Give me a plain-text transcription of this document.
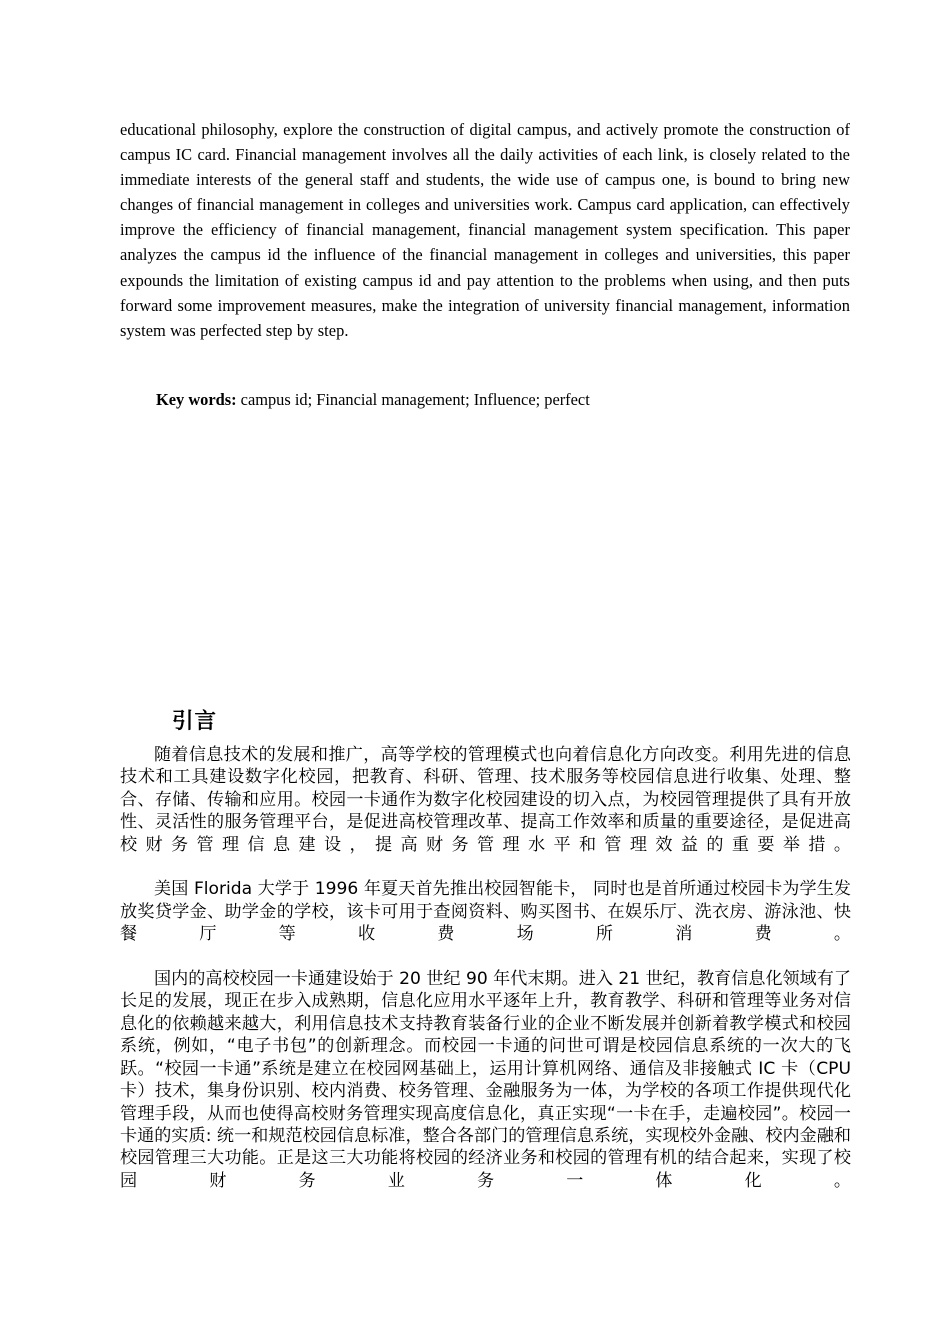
educational philosophy, explore the construction of digital campus, and actively promote the construction of campus IC card. Financial management involves all the daily activities of each link, is closely related to the immediate interests of the general staff and students, the wide use of campus one, is bound to bring new changes of financial management in colleges and universities work. Campus card application, can effectively improve the efficiency of financial management, financial management system specification. This paper analyzes the campus id the influence of the financial management in colleges and universities, this paper expounds the limitation of existing campus id and pay attention to the problems when using, and then puts forward some improvement measures, make the integration of university financial management, information system was perfected step by step.

Key words: campus id; Financial management; Influence; perfect
引言

随着信息技术的发展和推广，高等学校的管理模式也向着信息化方向改变。利用先进的信息技术和工具建设数字化校园，把教育、科研、管理、技术服务等校园信息进行收集、处理、整合、存储、传输和应用。校园一卡通作为数字化校园建设的切入点，为校园管理提供了具有开放性、灵活性的服务管理平台，是促进高校管理改革、提高工作效率和质量的重要途径，是促进高校财务管理信息建设，提高财务管理水平和管理效益的重要举措。

美国 Florida 大学于 1996 年夏天首先推出校园智能卡， 同时也是首所通过校园卡为学生发放奖贷学金、助学金的学校，该卡可用于查阅资料、购买图书、在娱乐厅、洗衣房、游泳池、快餐厅等收费场所消费。

国内的高校校园一卡通建设始于 20 世纪 90 年代末期。进入 21 世纪，教育信息化领域有了长足的发展，现正在步入成熟期，信息化应用水平逐年上升，教育教学、科研和管理等业务对信息化的依赖越来越大，利用信息技术支持教育装备行业的企业不断发展并创新着教学模式和校园系统，例如，“电子书包”的创新理念。而校园一卡通的问世可谓是校园信息系统的一次大的飞跃。“校园一卡通”系统是建立在校园网基础上，运用计算机网络、通信及非接触式 IC 卡（CPU 卡）技术，集身份识别、校内消费、校务管理、金融服务为一体，为学校的各项工作提供现代化管理手段，从而也使得高校财务管理实现高度信息化，真正实现“一卡在手，走遍校园”。校园一卡通的实质: 统一和规范校园信息标准，整合各部门的管理信息系统，实现校外金融、校内金融和校园管理三大功能。正是这三大功能将校园的经济业务和校园的管理有机的结合起来，实现了校园财务业务一体化。
